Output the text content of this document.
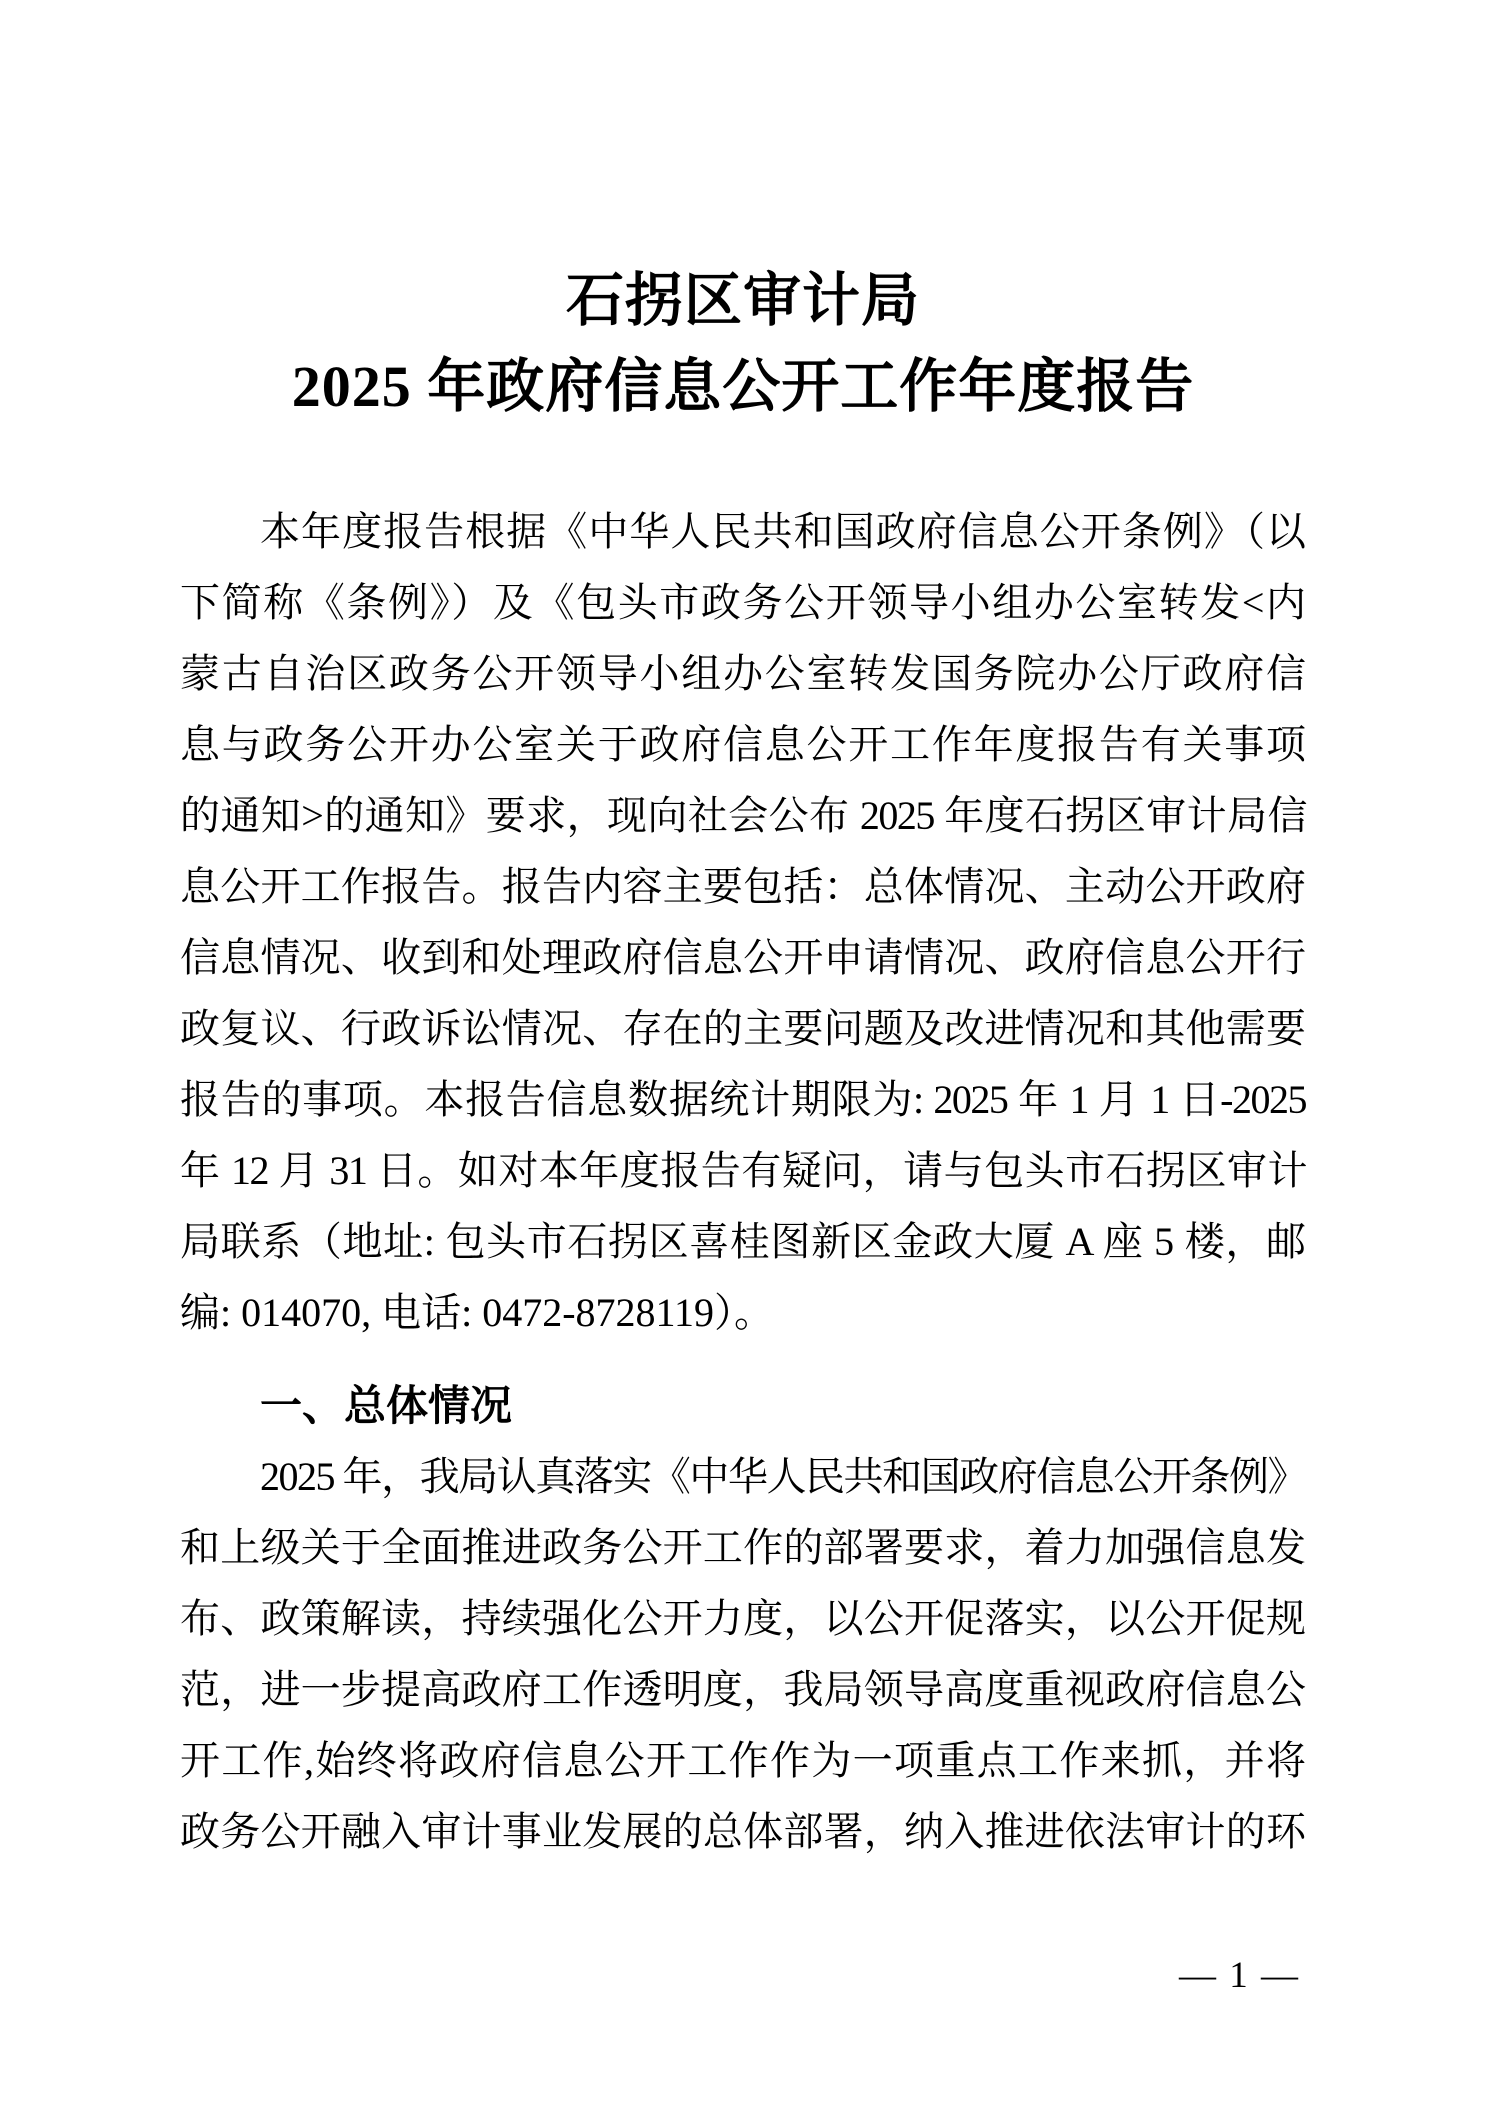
石拐区审计局
2025 年政府信息公开工作年度报告
本年度报告根据《中华人民共和国政府信息公开条例》（以
下简称《条例》）及《包头市政务公开领导小组办公室转发<内
蒙古自治区政务公开领导小组办公室转发国务院办公厅政府信
息与政务公开办公室关于政府信息公开工作年度报告有关事项
的通知>的通知》要求，现向社会公布 2025 年度石拐区审计局信
息公开工作报告。报告内容主要包括：总体情况、主动公开政府
信息情况、收到和处理政府信息公开申请情况、政府信息公开行
政复议、行政诉讼情况、存在的主要问题及改进情况和其他需要
报告的事项。本报告信息数据统计期限为: 2025 年 1 月 1 日-2025
年 12 月 31 日。如对本年度报告有疑问，请与包头市石拐区审计
局联系（地址: 包头市石拐区喜桂图新区金政大厦 A 座 5 楼，邮
编: 014070, 电话: 0472-8728119）。
一、总体情况
2025 年，我局认真落实《中华人民共和国政府信息公开条例》
和上级关于全面推进政务公开工作的部署要求，着力加强信息发
布、政策解读，持续强化公开力度，以公开促落实，以公开促规
范，进一步提高政府工作透明度，我局领导高度重视政府信息公
开工作,始终将政府信息公开工作作为一项重点工作来抓，并将
政务公开融入审计事业发展的总体部署，纳入推进依法审计的环
— 1 —
